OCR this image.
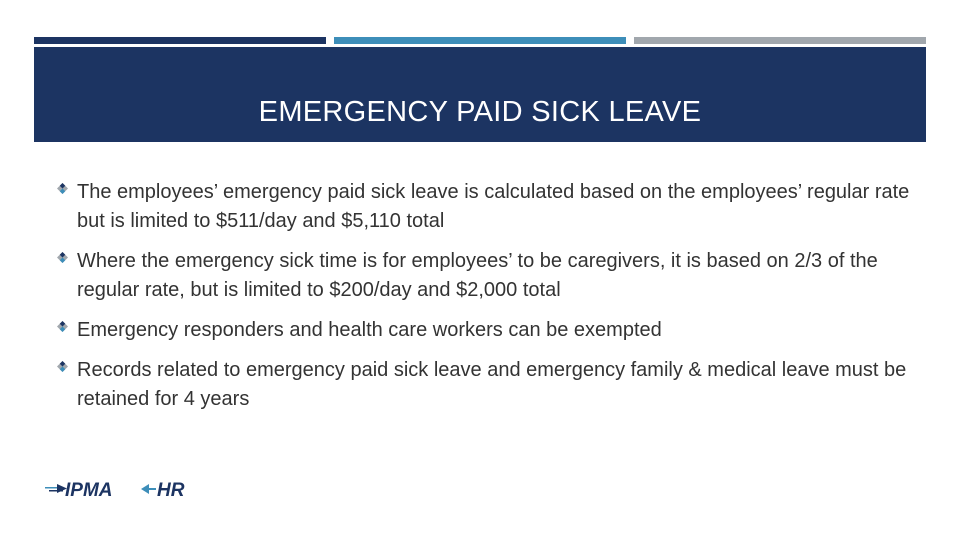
EMERGENCY PAID SICK LEAVE
The employees’ emergency paid sick leave is calculated based on the employees’ regular rate but is limited to $511/day and $5,110 total
Where the emergency sick time is for employees’ to be caregivers, it is based on 2/3 of the regular rate, but is limited to $200/day and $2,000 total
Emergency responders and health care workers can be exempted
Records related to emergency paid sick leave and emergency family & medical leave must be retained for 4 years
IPMA HR
